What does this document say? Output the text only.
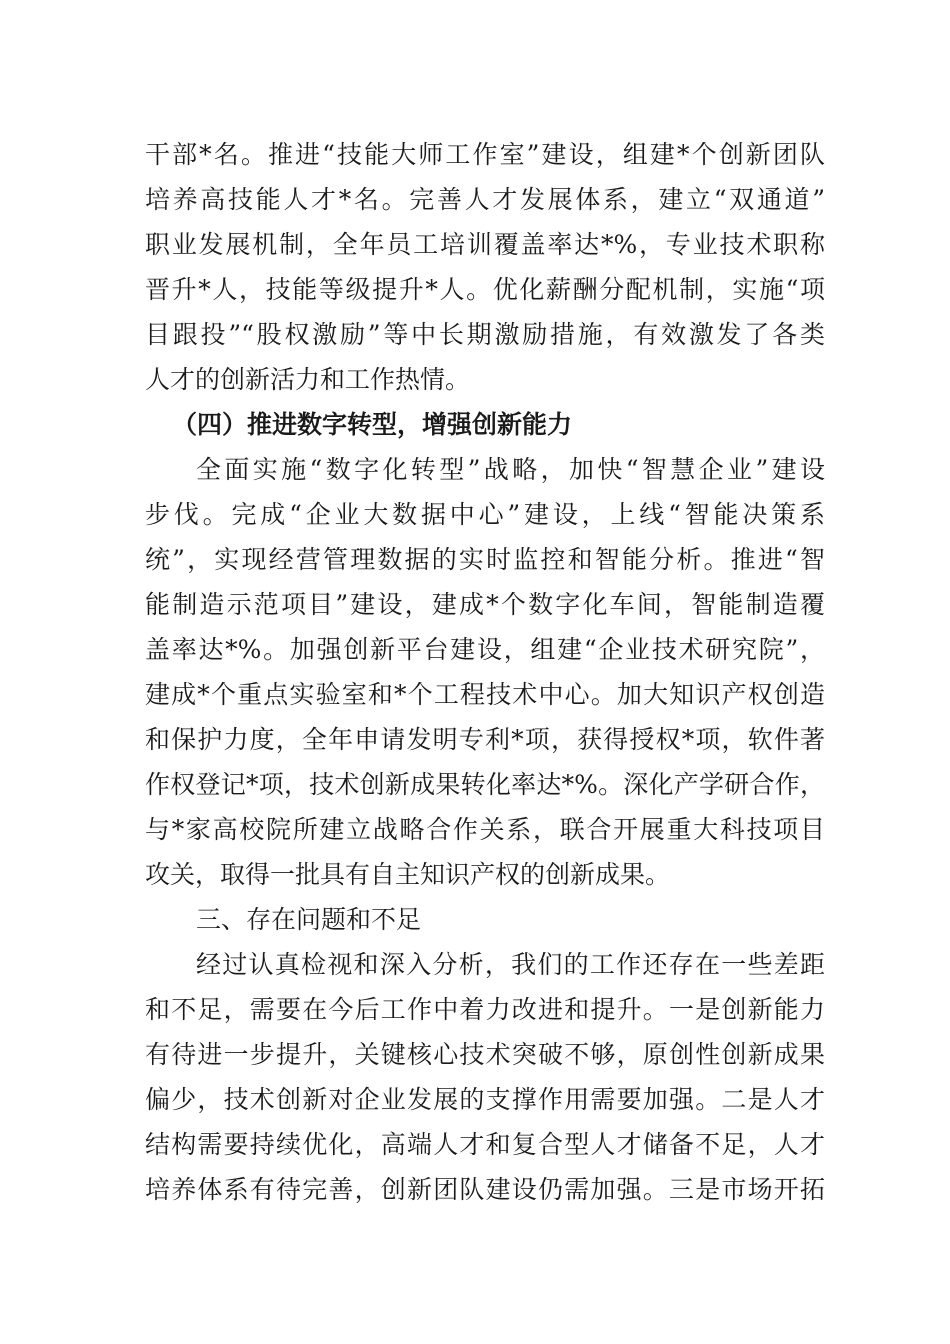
干部*名。推进“技能大师工作室”建设，组建*个创新团队
培养高技能人才*名。完善人才发展体系，建立“双通道”
职业发展机制，全年员工培训覆盖率达*%，专业技术职称
晋升*人，技能等级提升*人。优化薪酬分配机制，实施“项
目跟投”“股权激励”等中长期激励措施，有效激发了各类
人才的创新活力和工作热情。
（四）推进数字转型，增强创新能力
全面实施“数字化转型”战略，加快“智慧企业”建设
步伐。完成“企业大数据中心”建设，上线“智能决策系
统”，实现经营管理数据的实时监控和智能分析。推进“智
能制造示范项目”建设，建成*个数字化车间，智能制造覆
盖率达*%。加强创新平台建设，组建“企业技术研究院”，
建成*个重点实验室和*个工程技术中心。加大知识产权创造
和保护力度，全年申请发明专利*项，获得授权*项，软件著
作权登记*项，技术创新成果转化率达*%。深化产学研合作，
与*家高校院所建立战略合作关系，联合开展重大科技项目
攻关，取得一批具有自主知识产权的创新成果。
三、存在问题和不足
经过认真检视和深入分析，我们的工作还存在一些差距
和不足，需要在今后工作中着力改进和提升。一是创新能力
有待进一步提升，关键核心技术突破不够，原创性创新成果
偏少，技术创新对企业发展的支撑作用需要加强。二是人才
结构需要持续优化，高端人才和复合型人才储备不足，人才
培养体系有待完善，创新团队建设仍需加强。三是市场开拓
